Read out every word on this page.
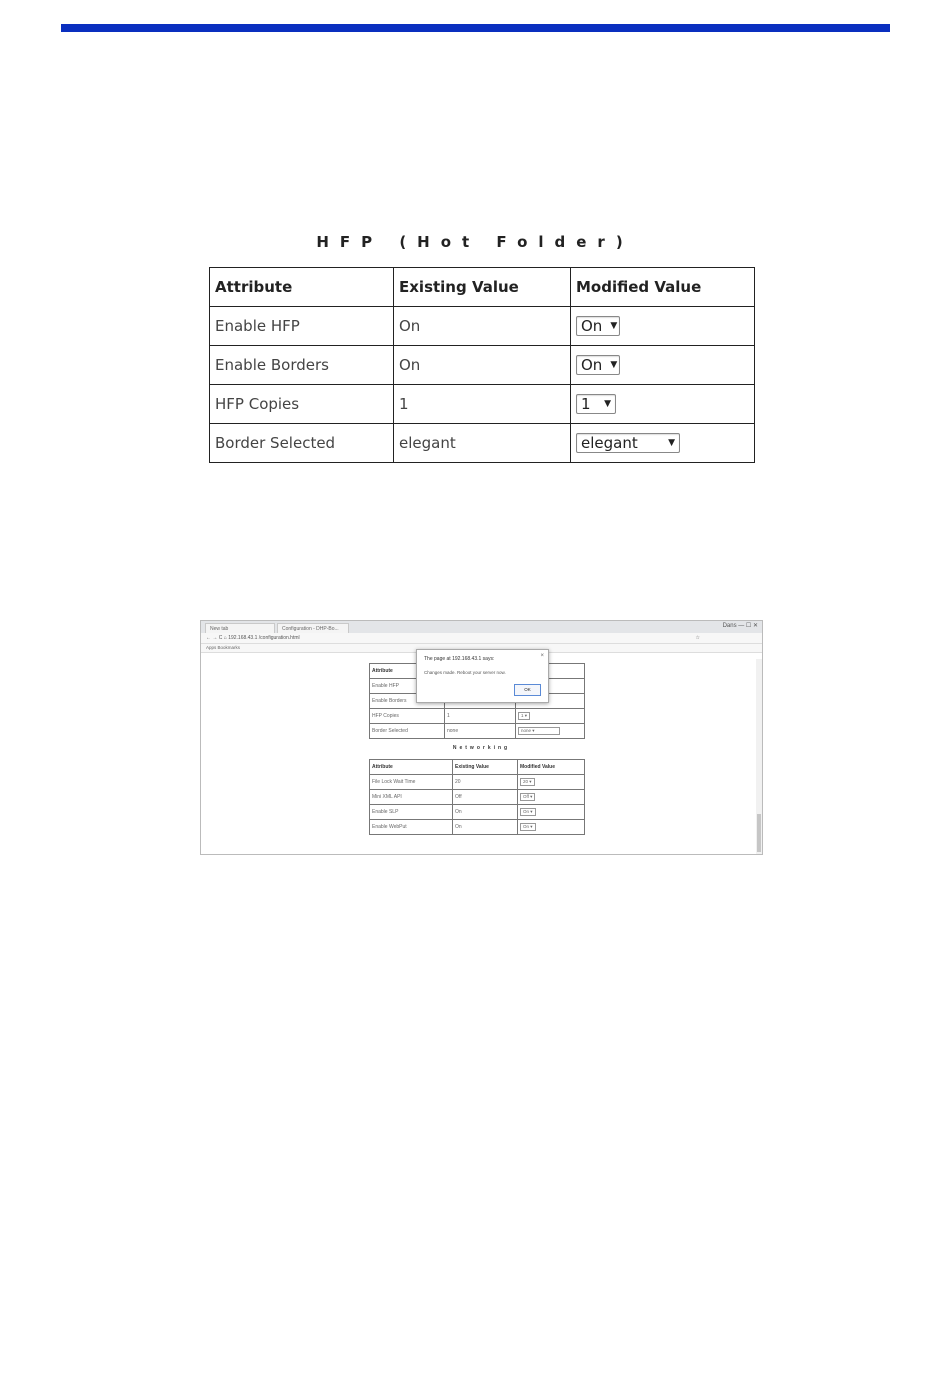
HFP (Hot Folder)
Attribute	Existing Value	Modified Value
Enable HFP	On	On ▼

Enable Borders	On	On ▼

HFP Copies	1	1 ▼

Border Selected	elegant	elegant ▼
New tab	Configuration - DHP-Bo...	Dans — ☐ ✕
← → C ⌂ 192.168.43.1 /configuration.html	☆
Apps Bookmarks
Attribute		
Enable HFP		
Enable Borders		
HFP Copies	1	1 ▾
Border Selected	none	none ▾
Networking
Attribute	Existing Value	Modified Value
File Lock Wait Time	20	20 ▾
Mini XML API	Off	Off ▾
Enable SLP	On	On ▾
Enable WebPut	On	On ▾
The page at 192.168.43.1 says:	×
Changes made. Reboot your server now.
OK
